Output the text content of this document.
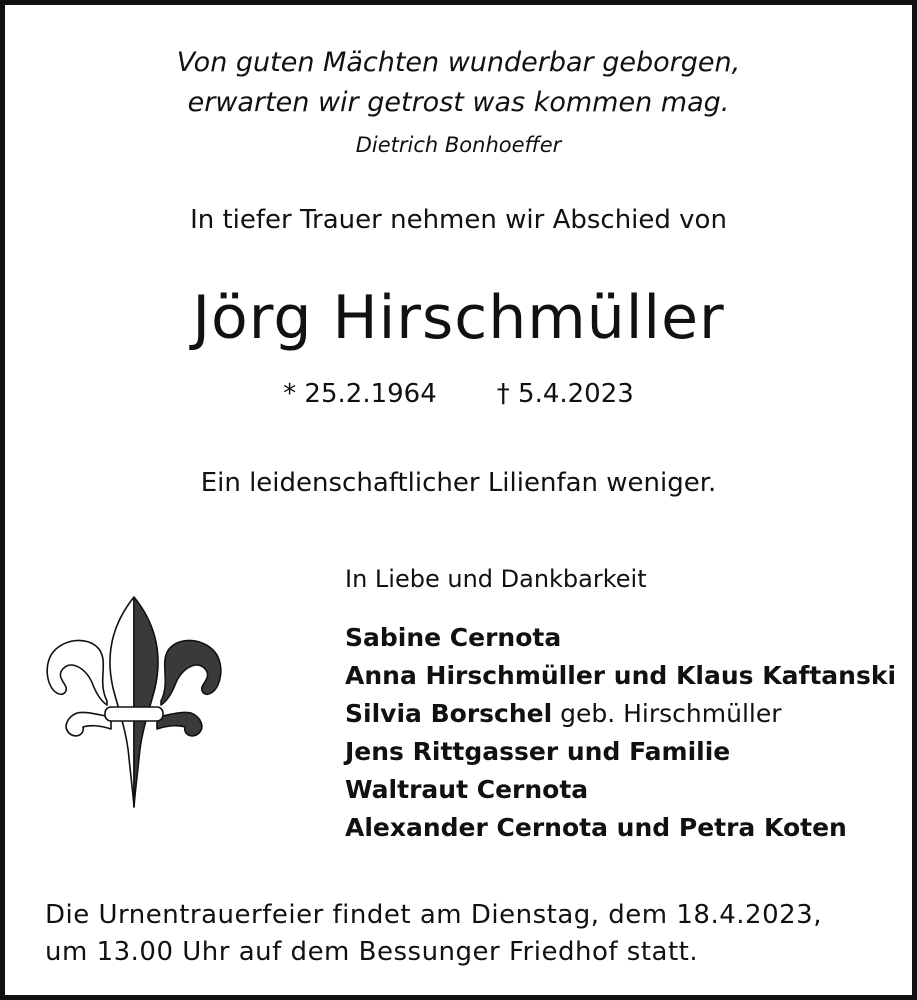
Von guten Mächten wunderbar geborgen,
erwarten wir getrost was kommen mag.
Dietrich Bonhoeffer
In tiefer Trauer nehmen wir Abschied von
Jörg Hirschmüller
* 25.2.1964 † 5.4.2023
Ein leidenschaftlicher Lilienfan weniger.
In Liebe und Dankbarkeit
Sabine Cernota
Anna Hirschmüller und Klaus Kaftanski
Silvia Borschel geb. Hirschmüller
Jens Rittgasser und Familie
Waltraut Cernota
Alexander Cernota und Petra Koten
Die Urnentrauerfeier findet am Dienstag, dem 18.4.2023,
um 13.00 Uhr auf dem Bessunger Friedhof statt.
